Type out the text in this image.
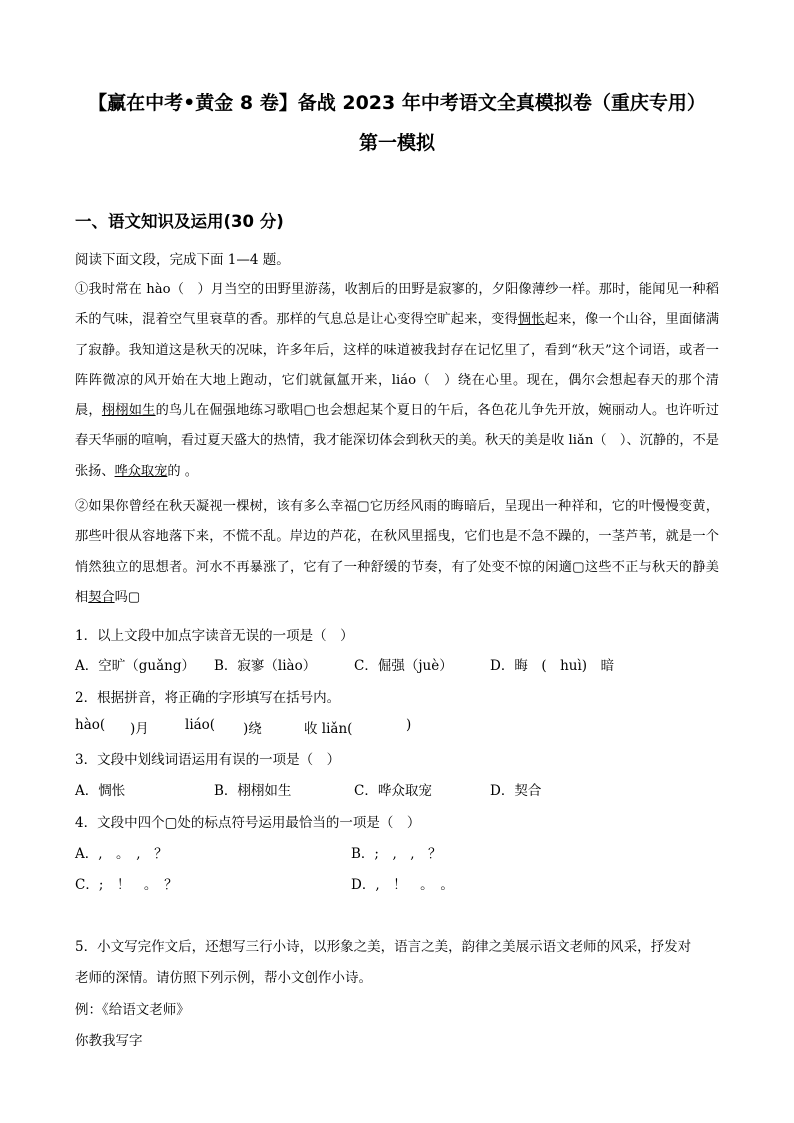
【赢在中考•黄金 8 卷】备战 2023 年中考语文全真模拟卷（重庆专用）
第一模拟
一、语文知识及运用(30 分)
阅读下面文段，完成下面 1—4 题。
①我时常在 hào（　）月当空的田野里游荡，收割后的田野是寂寥的，夕阳像薄纱一样。那时，能闻见一种稻禾的气味，混着空气里衰草的香。那样的气息总是让心变得空旷起来，变得惆怅起来，像一个山谷，里面储满了寂静。我知道这是秋天的况味，许多年后，这样的味道被我封存在记忆里了，看到“秋天”这个词语，或者一阵阵微凉的风开始在大地上跑动，它们就氤氲开来，liáo（　）绕在心里。现在，偶尔会想起春天的那个清晨，栩栩如生的鸟儿在倔强地练习歌唱▢也会想起某个夏日的午后，各色花儿争先开放，婉丽动人。也许听过春天华丽的喧响，看过夏天盛大的热情，我才能深切体会到秋天的美。秋天的美是收 liǎn（　）、沉静的，不是张扬、哗众取宠的 。
②如果你曾经在秋天凝视一棵树，该有多么幸福▢它历经风雨的晦暗后，呈现出一种祥和，它的叶慢慢变黄，那些叶很从容地落下来，不慌不乱。岸边的芦花，在秋风里摇曳，它们也是不急不躁的，一茎芦苇，就是一个悄然独立的思想者。河水不再暴涨了，它有了一种舒缓的节奏，有了处变不惊的闲適▢这些不正与秋天的静美相契合吗▢
1．以上文段中加点字读音无误的一项是（　）
A．空旷（guǎng） B．寂寥（liào）	C．倔强（juè）	D．晦　(　huì)　暗
2．根据拼音，将正确的字形填写在括号内。
hào( )月	liáo( )绕	收 liǎn(	)
3．文段中划线词语运用有误的一项是（　）
A．惆怅	B．栩栩如生	C．哗众取宠	D．契合
4．文段中四个▢处的标点符号运用最恰当的一项是（　）
A．,　。　,　？	B．;　,　,　？
C．;　！　。　？	D．,　！　。　。
5．小文写完作文后，还想写三行小诗，以形象之美，语言之美，韵律之美展示语文老师的风采，抒发对
老师的深情。请仿照下列示例，帮小文创作小诗。
例：《给语文老师》
你教我写字
